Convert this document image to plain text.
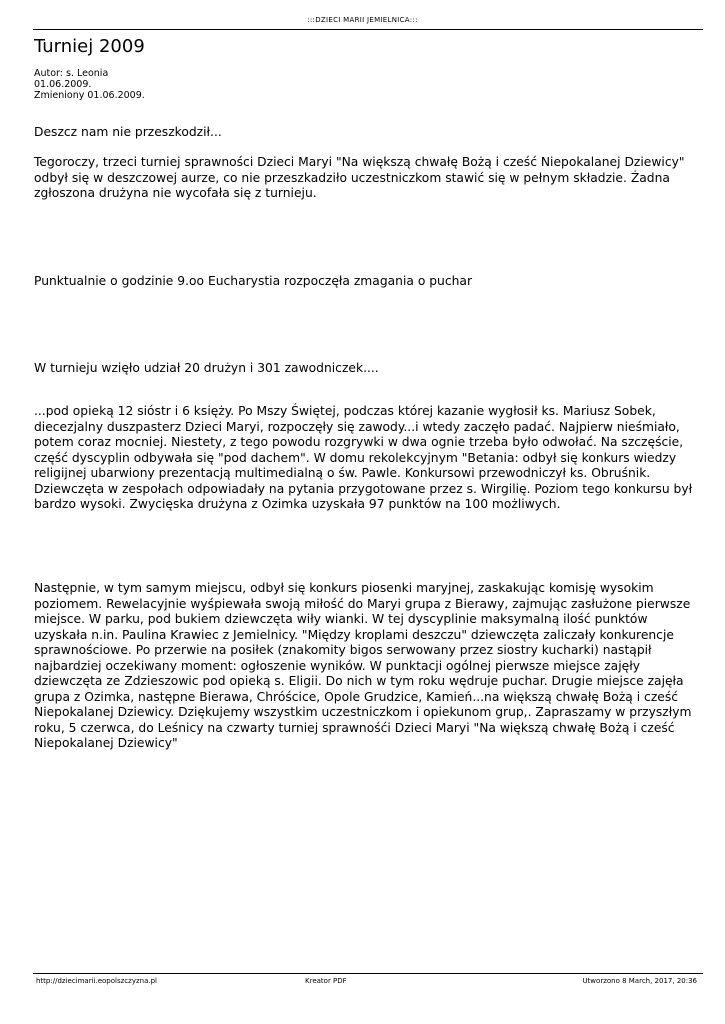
:::DZIECI MARII JEMIELNICA:::
Turniej 2009
Autor: s. Leonia
01.06.2009.
Zmieniony 01.06.2009.

Deszcz nam nie przeszkodził...

Tegoroczy, trzeci turniej sprawności Dzieci Maryi "Na większą chwałę Bożą i cześć Niepokalanej Dziewicy" odbył się w deszczowej aurze, co nie przeszkadziło uczestniczkom stawić się w pełnym składzie. Żadna zgłoszona drużyna nie wycofała się z turnieju.

Punktualnie o godzinie 9.oo Eucharystia rozpoczęła zmagania o puchar

W turnieju wzięło udział 20 drużyn i 301 zawodniczek....

...pod opieką 12 sióstr i 6 księży. Po Mszy Świętej, podczas której kazanie wygłosił ks. Mariusz Sobek, diecezjalny duszpasterz Dzieci Maryi, rozpoczęły się zawody...i wtedy zaczęło padać. Najpierw nieśmiało, potem coraz mocniej. Niestety, z tego powodu rozgrywki w dwa ognie trzeba było odwołać. Na szczęście, część dyscyplin odbywała się "pod dachem". W domu rekolekcyjnym "Betania: odbył się konkurs wiedzy religijnej ubarwiony prezentacją multimedialną o św. Pawle. Konkursowi przewodniczył ks. Obruśnik. Dziewczęta w zespołach odpowiadały na pytania przygotowane przez s. Wirgilię. Poziom tego konkursu był bardzo wysoki. Zwycięska drużyna z Ozimka uzyskała 97 punktów na 100 możliwych.

Następnie, w tym samym miejscu, odbył się konkurs piosenki maryjnej, zaskakując komisję wysokim poziomem. Rewelacyjnie wyśpiewała swoją miłość do Maryi grupa z Bierawy, zajmując zasłużone pierwsze miejsce. W parku, pod bukiem dziewczęta wiły wianki. W tej dyscyplinie maksymalną ilość punktów uzyskała n.in. Paulina Krawiec z Jemielnicy. "Między kroplami deszczu" dziewczęta zaliczały konkurencje sprawnościowe. Po przerwie na posiłek (znakomity bigos serwowany przez siostry kucharki) nastąpił najbardziej oczekiwany moment: ogłoszenie wyników. W punktacji ogólnej pierwsze miejsce zajęły dziewczęta ze Zdzieszowic pod opieką s. Eligii. Do nich w tym roku wędruje puchar. Drugie miejsce zajęła grupa z Ozimka, następne Bierawa, Chróścice, Opole Grudzice, Kamień...na większą chwałę Bożą i cześć Niepokalanej Dziewicy. Dziękujemy wszystkim uczestniczkom i opiekunom grup,. Zapraszamy w przyszłym roku, 5 czerwca, do Leśnicy na czwarty turniej sprawnośći Dzieci Maryi "Na większą chwałę Bożą i cześć Niepokalanej Dziewicy"

http://dziecimarii.eopolszczyzna.pl	Kreator PDF	Utworzono 8 March, 2017, 20:36
